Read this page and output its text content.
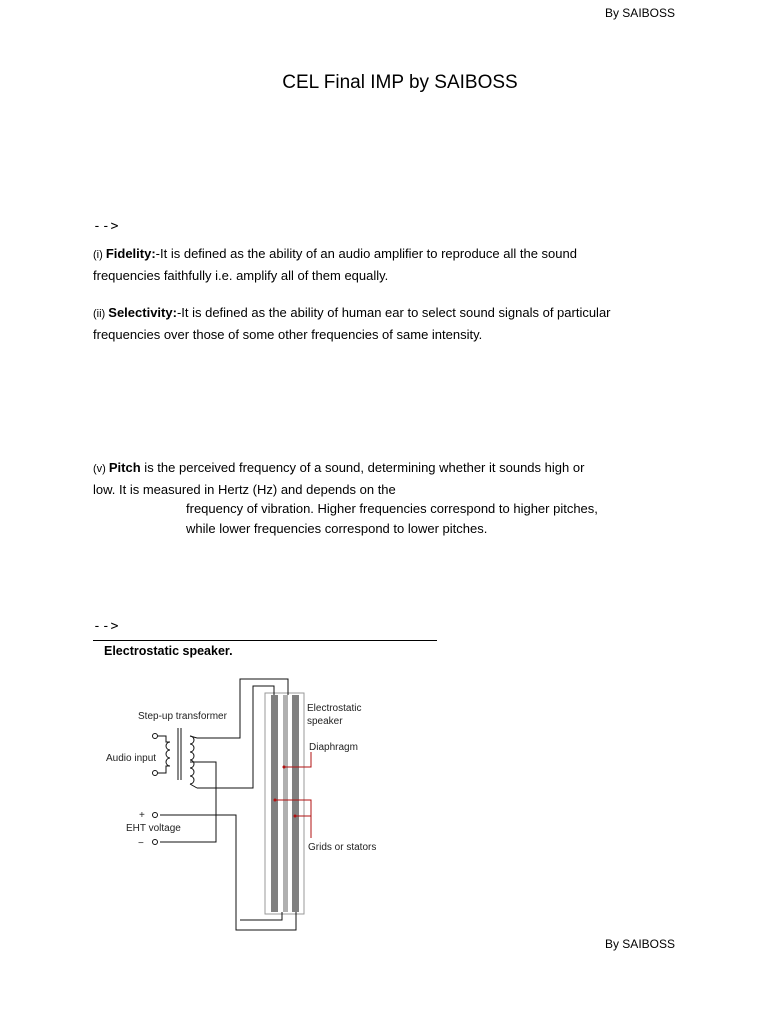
By SAIBOSS
CEL Final IMP by SAIBOSS
-->
(i) Fidelity:-It is defined as the ability of an audio amplifier to reproduce all the sound
frequencies faithfully i.e. amplify all of them equally.
(ii) Selectivity:-It is defined as the ability of human ear to select sound signals of particular
frequencies over those of some other frequencies of same intensity.
(v) Pitch is the perceived frequency of a sound, determining whether it sounds high or
low. It is measured in Hertz (Hz) and depends on the
frequency of vibration. Higher frequencies correspond to higher pitches,
while lower frequencies correspond to lower pitches.
-->
Electrostatic speaker.
Step-up transformer
Audio input
+
−
EHT voltage
Electrostatic
speaker
Diaphragm
Grids or stators
By SAIBOSS
